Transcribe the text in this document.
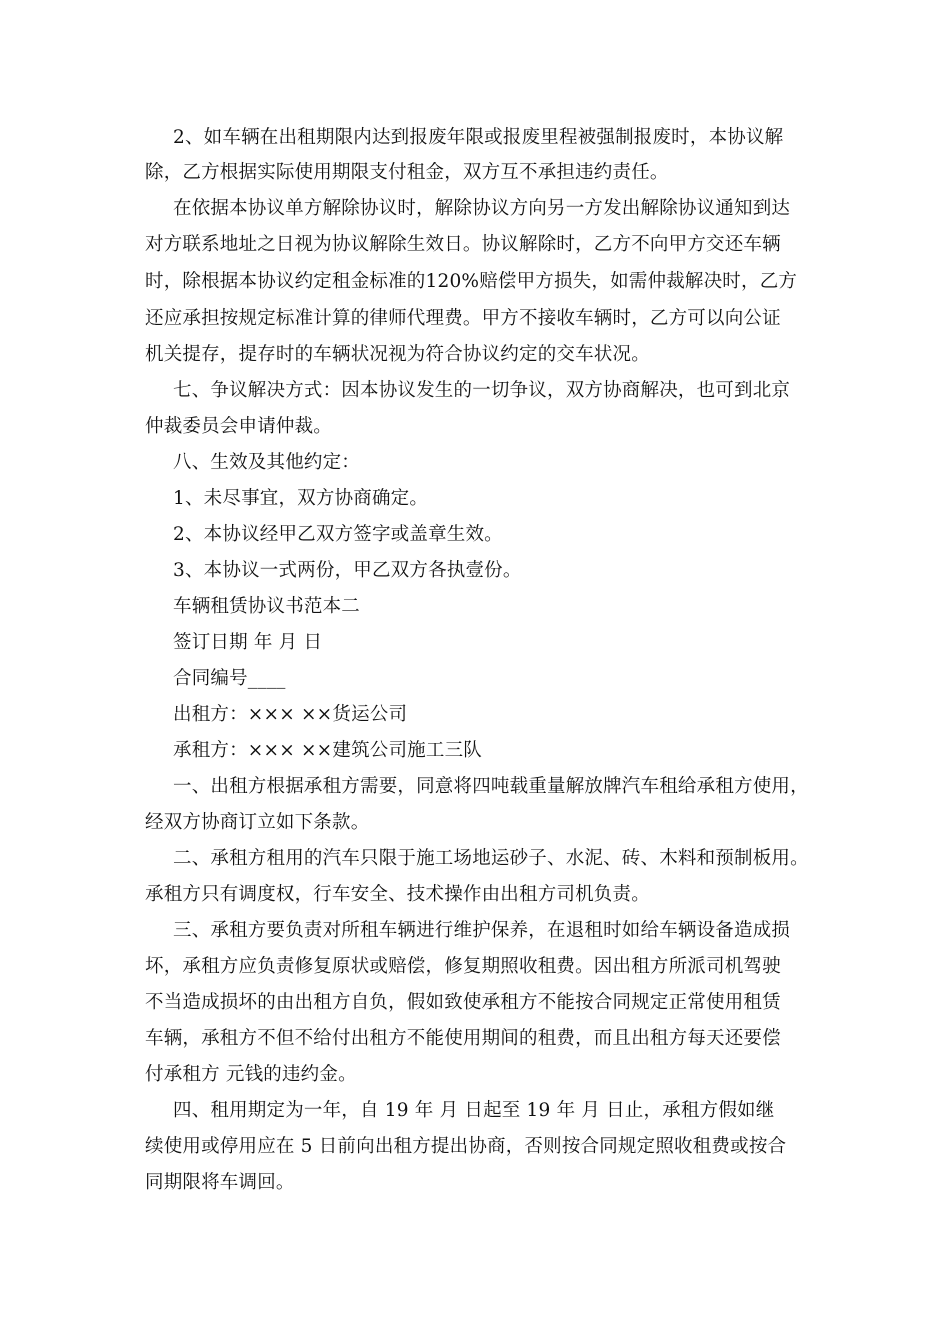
2、如车辆在出租期限内达到报废年限或报废里程被强制报废时，本协议解
除，乙方根据实际使用期限支付租金，双方互不承担违约责任。
在依据本协议单方解除协议时，解除协议方向另一方发出解除协议通知到达
对方联系地址之日视为协议解除生效日。协议解除时，乙方不向甲方交还车辆
时，除根据本协议约定租金标准的120%赔偿甲方损失，如需仲裁解决时，乙方
还应承担按规定标准计算的律师代理费。甲方不接收车辆时，乙方可以向公证
机关提存，提存时的车辆状况视为符合协议约定的交车状况。
七、争议解决方式：因本协议发生的一切争议，双方协商解决，也可到北京
仲裁委员会申请仲裁。
八、生效及其他约定：
1、未尽事宜，双方协商确定。
2、本协议经甲乙双方签字或盖章生效。
3、本协议一式两份，甲乙双方各执壹份。
车辆租赁协议书范本二
签订日期 年 月 日
合同编号____
出租方：××× ××货运公司
承租方：××× ××建筑公司施工三队
一、出租方根据承租方需要，同意将四吨载重量解放牌汽车租给承租方使用，
经双方协商订立如下条款。
二、承租方租用的汽车只限于施工场地运砂子、水泥、砖、木料和预制板用。
承租方只有调度权，行车安全、技术操作由出租方司机负责。
三、承租方要负责对所租车辆进行维护保养，在退租时如给车辆设备造成损
坏，承租方应负责修复原状或赔偿，修复期照收租费。因出租方所派司机驾驶
不当造成损坏的由出租方自负，假如致使承租方不能按合同规定正常使用租赁
车辆，承租方不但不给付出租方不能使用期间的租费，而且出租方每天还要偿
付承租方 元钱的违约金。
四、租用期定为一年，自 19 年 月 日起至 19 年 月 日止，承租方假如继
续使用或停用应在 5 日前向出租方提出协商，否则按合同规定照收租费或按合
同期限将车调回。
